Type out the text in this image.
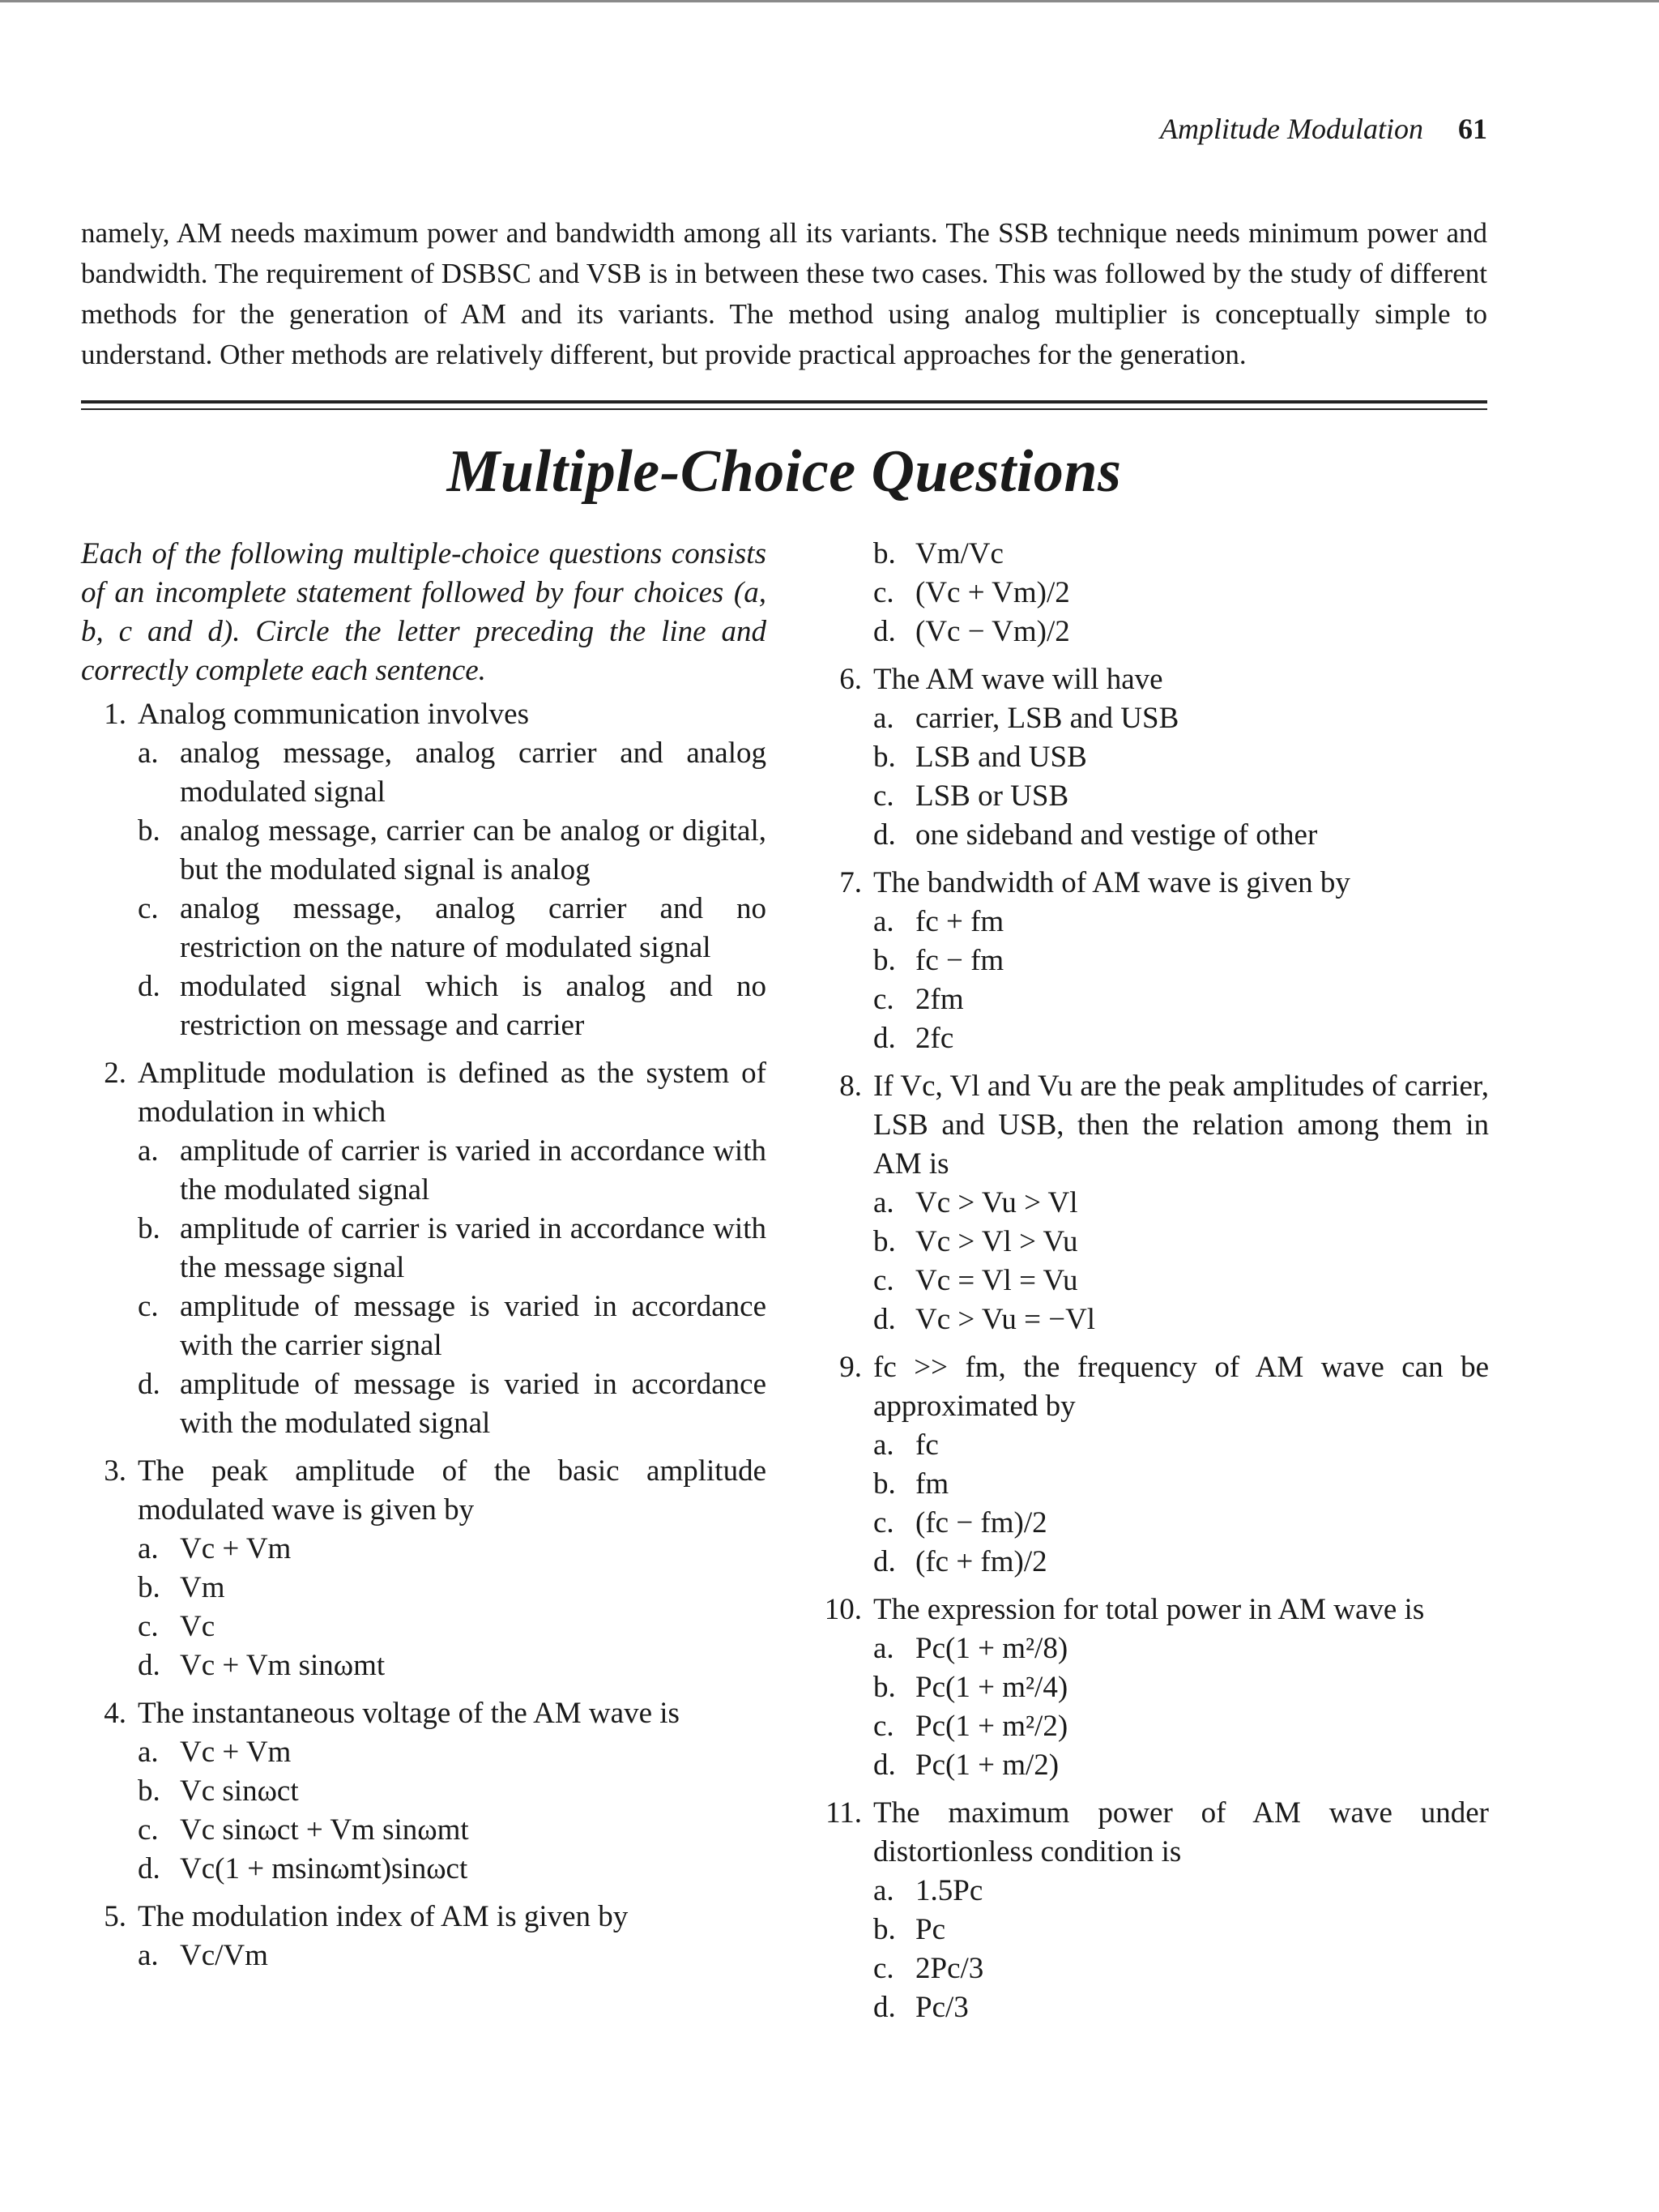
Amplitude Modulation 61

namely, AM needs maximum power and bandwidth among all its variants. The SSB technique needs minimum power and bandwidth. The requirement of DSBSC and VSB is in between these two cases. This was followed by the study of different methods for the generation of AM and its variants. The method using analog multiplier is conceptually simple to understand. Other methods are relatively different, but provide practical approaches for the generation.

Multiple-Choice Questions

Each of the following multiple-choice questions consists of an incomplete statement followed by four choices (a, b, c and d). Circle the letter preceding the line and correctly complete each sentence.

1. Analog communication involves
a. analog message, analog carrier and analog modulated signal
b. analog message, carrier can be analog or digital, but the modulated signal is analog
c. analog message, analog carrier and no restriction on the nature of modulated signal
d. modulated signal which is analog and no restriction on message and carrier
2. Amplitude modulation is defined as the system of modulation in which
a. amplitude of carrier is varied in accordance with the modulated signal
b. amplitude of carrier is varied in accordance with the message signal
c. amplitude of message is varied in accordance with the carrier signal
d. amplitude of message is varied in accordance with the modulated signal
3. The peak amplitude of the basic amplitude modulated wave is given by
a. Vc + Vm
b. Vm
c. Vc
d. Vc + Vm sinωmt
4. The instantaneous voltage of the AM wave is
a. Vc + Vm
b. Vc sinωct
c. Vc sinωct + Vm sinωmt
d. Vc(1 + msinωmt)sinωct
5. The modulation index of AM is given by
a. Vc/Vm
b. Vm/Vc
c. (Vc + Vm)/2
d. (Vc − Vm)/2
6. The AM wave will have
a. carrier, LSB and USB
b. LSB and USB
c. LSB or USB
d. one sideband and vestige of other
7. The bandwidth of AM wave is given by
a. fc + fm
b. fc − fm
c. 2fm
d. 2fc
8. If Vc, Vl and Vu are the peak amplitudes of carrier, LSB and USB, then the relation among them in AM is
a. Vc > Vu > Vl
b. Vc > Vl > Vu
c. Vc = Vl = Vu
d. Vc > Vu = −Vl
9. fc >> fm, the frequency of AM wave can be approximated by
a. fc
b. fm
c. (fc − fm)/2
d. (fc + fm)/2
10. The expression for total power in AM wave is
a. Pc(1 + m²/8)
b. Pc(1 + m²/4)
c. Pc(1 + m²/2)
d. Pc(1 + m/2)
11. The maximum power of AM wave under distortionless condition is
a. 1.5Pc
b. Pc
c. 2Pc/3
d. Pc/3
